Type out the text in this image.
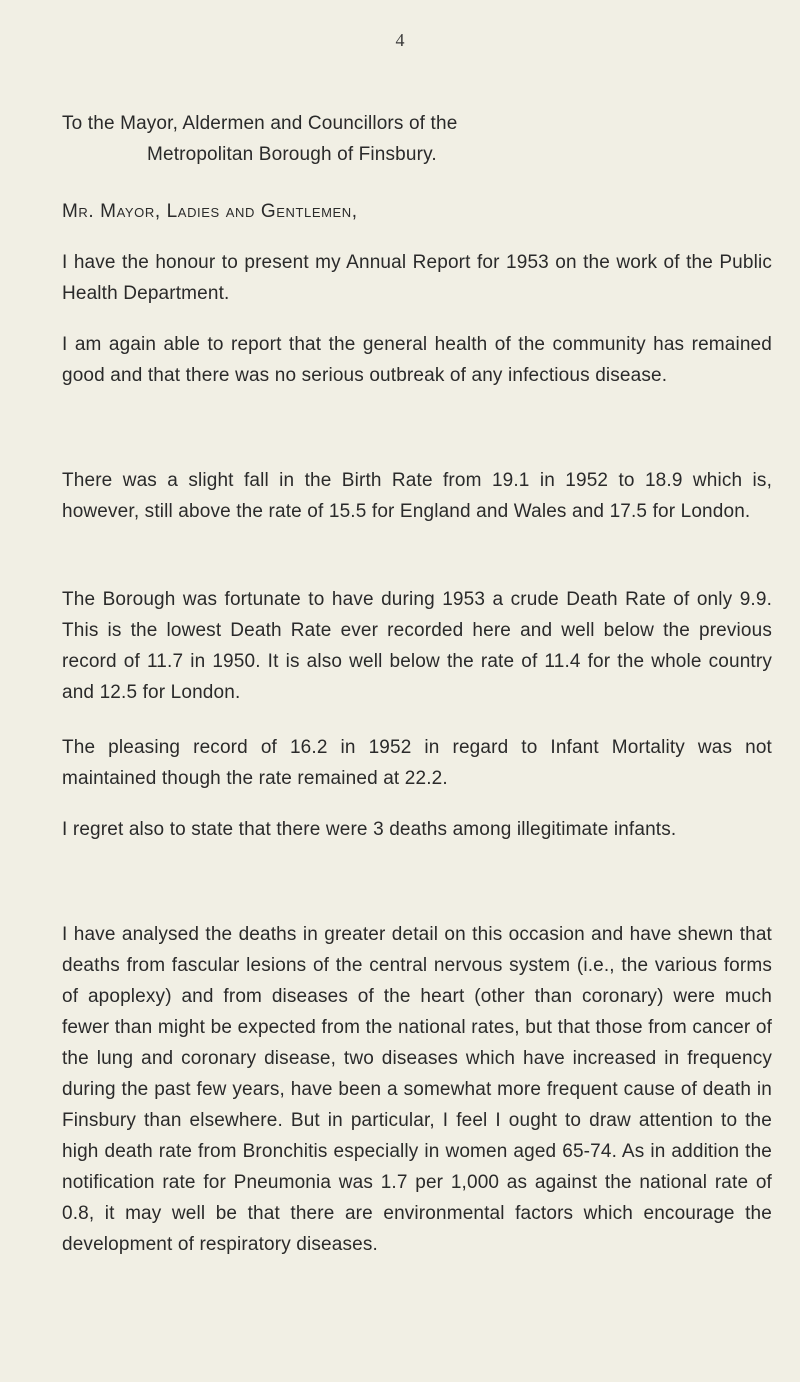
4
To the Mayor, Aldermen and Councillors of the
Metropolitan Borough of Finsbury.
Mr. Mayor, Ladies and Gentlemen,

I have the honour to present my Annual Report for 1953 on the work of the Public Health Department.

I am again able to report that the general health of the community has remained good and that there was no serious outbreak of any infectious disease.

There was a slight fall in the Birth Rate from 19.1 in 1952 to 18.9 which is, however, still above the rate of 15.5 for England and Wales and 17.5 for London.

The Borough was fortunate to have during 1953 a crude Death Rate of only 9.9. This is the lowest Death Rate ever recorded here and well below the previous record of 11.7 in 1950. It is also well below the rate of 11.4 for the whole country and 12.5 for London.

The pleasing record of 16.2 in 1952 in regard to Infant Mortality was not maintained though the rate remained at 22.2.

I regret also to state that there were 3 deaths among illegitimate infants.

I have analysed the deaths in greater detail on this occasion and have shewn that deaths from fascular lesions of the central nervous system (i.e., the various forms of apoplexy) and from diseases of the heart (other than coronary) were much fewer than might be expected from the national rates, but that those from cancer of the lung and coronary disease, two diseases which have increased in frequency during the past few years, have been a somewhat more frequent cause of death in Finsbury than elsewhere. But in particular, I feel I ought to draw attention to the high death rate from Bronchitis especially in women aged 65-74. As in addition the notification rate for Pneumonia was 1.7 per 1,000 as against the national rate of 0.8, it may well be that there are environmental factors which encourage the development of respiratory diseases.
